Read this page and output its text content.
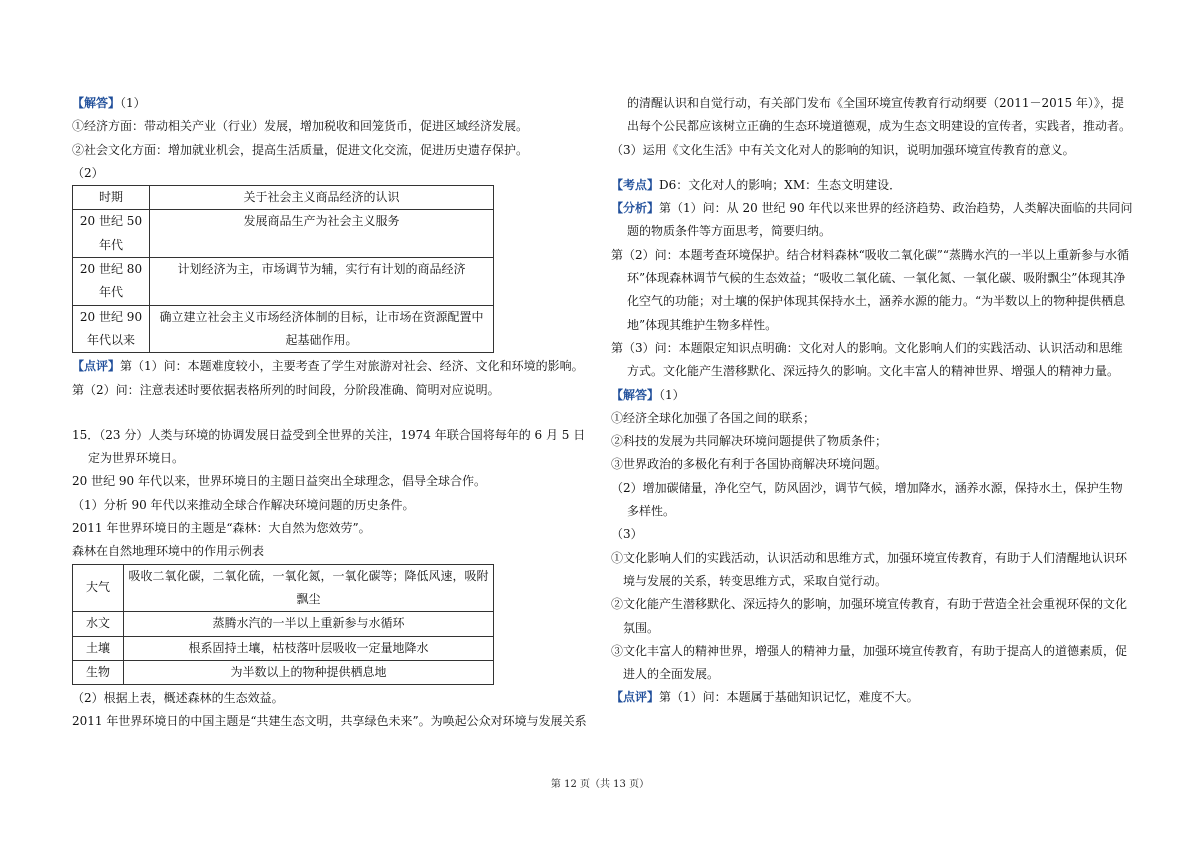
【解答】（1）

①经济方面：带动相关产业（行业）发展，增加税收和回笼货币，促进区域经济发展。

②社会文化方面：增加就业机会，提高生活质量，促进文化交流，促进历史遗存保护。

（2）

时期	关于社会主义商品经济的认识
20 世纪 50 年代	发展商品生产为社会主义服务
20 世纪 80 年代	计划经济为主，市场调节为辅，实行有计划的商品经济
20 世纪 90 年代以来	确立建立社会主义市场经济体制的目标，让市场在资源配置中起基础作用。

【点评】第（1）问：本题难度较小，主要考查了学生对旅游对社会、经济、文化和环境的影响。

第（2）问：注意表述时要依据表格所列的时间段，分阶段准确、简明对应说明。

15．（23 分）人类与环境的协调发展日益受到全世界的关注，1974 年联合国将每年的 6 月 5 日定为世界环境日。

20 世纪 90 年代以来，世界环境日的主题日益突出全球理念，倡导全球合作。

（1）分析 90 年代以来推动全球合作解决环境问题的历史条件。

2011 年世界环境日的主题是“森林：大自然为您效劳”。

森林在自然地理环境中的作用示例表

大气	吸收二氧化碳，二氧化硫，一氧化氮，一氧化碳等；降低风速，吸附飘尘
水文	蒸腾水汽的一半以上重新参与水循环
土壤	根系固持土壤，枯枝落叶层吸收一定量地降水
生物	为半数以上的物种提供栖息地

（2）根据上表，概述森林的生态效益。

2011 年世界环境日的中国主题是“共建生态文明，共享绿色未来”。为唤起公众对环境与发展关系

的清醒认识和自觉行动，有关部门发布《全国环境宣传教育行动纲要（2011－2015 年）》，提出每个公民都应该树立正确的生态环境道德观，成为生态文明建设的宣传者，实践者，推动者。

（3）运用《文化生活》中有关文化对人的影响的知识，说明加强环境宣传教育的意义。

【考点】D6：文化对人的影响；XM：生态文明建设．

【分析】第（1）问：从 20 世纪 90 年代以来世界的经济趋势、政治趋势，人类解决面临的共同问题的物质条件等方面思考，简要归纳。

第（2）问：本题考查环境保护。结合材料森林“吸收二氧化碳”“蒸腾水汽的一半以上重新参与水循环”体现森林调节气候的生态效益；“吸收二氧化硫、一氧化氮、一氧化碳、吸附飘尘”体现其净化空气的功能；对土壤的保护体现其保持水土，涵养水源的能力。“为半数以上的物种提供栖息地”体现其维护生物多样性。

第（3）问：本题限定知识点明确：文化对人的影响。文化影响人们的实践活动、认识活动和思维方式。文化能产生潜移默化、深远持久的影响。文化丰富人的精神世界、增强人的精神力量。

【解答】（1）

①经济全球化加强了各国之间的联系；

②科技的发展为共同解决环境问题提供了物质条件；

③世界政治的多极化有利于各国协商解决环境问题。

（2）增加碳储量，净化空气，防风固沙，调节气候，增加降水，涵养水源，保持水土，保护生物多样性。

（3）

①文化影响人们的实践活动，认识活动和思维方式，加强环境宣传教育，有助于人们清醒地认识环境与发展的关系，转变思维方式，采取自觉行动。

②文化能产生潜移默化、深远持久的影响，加强环境宣传教育，有助于营造全社会重视环保的文化氛围。

③文化丰富人的精神世界，增强人的精神力量，加强环境宣传教育，有助于提高人的道德素质，促进人的全面发展。

【点评】第（1）问：本题属于基础知识记忆，难度不大。

第 12 页（共 13 页）
